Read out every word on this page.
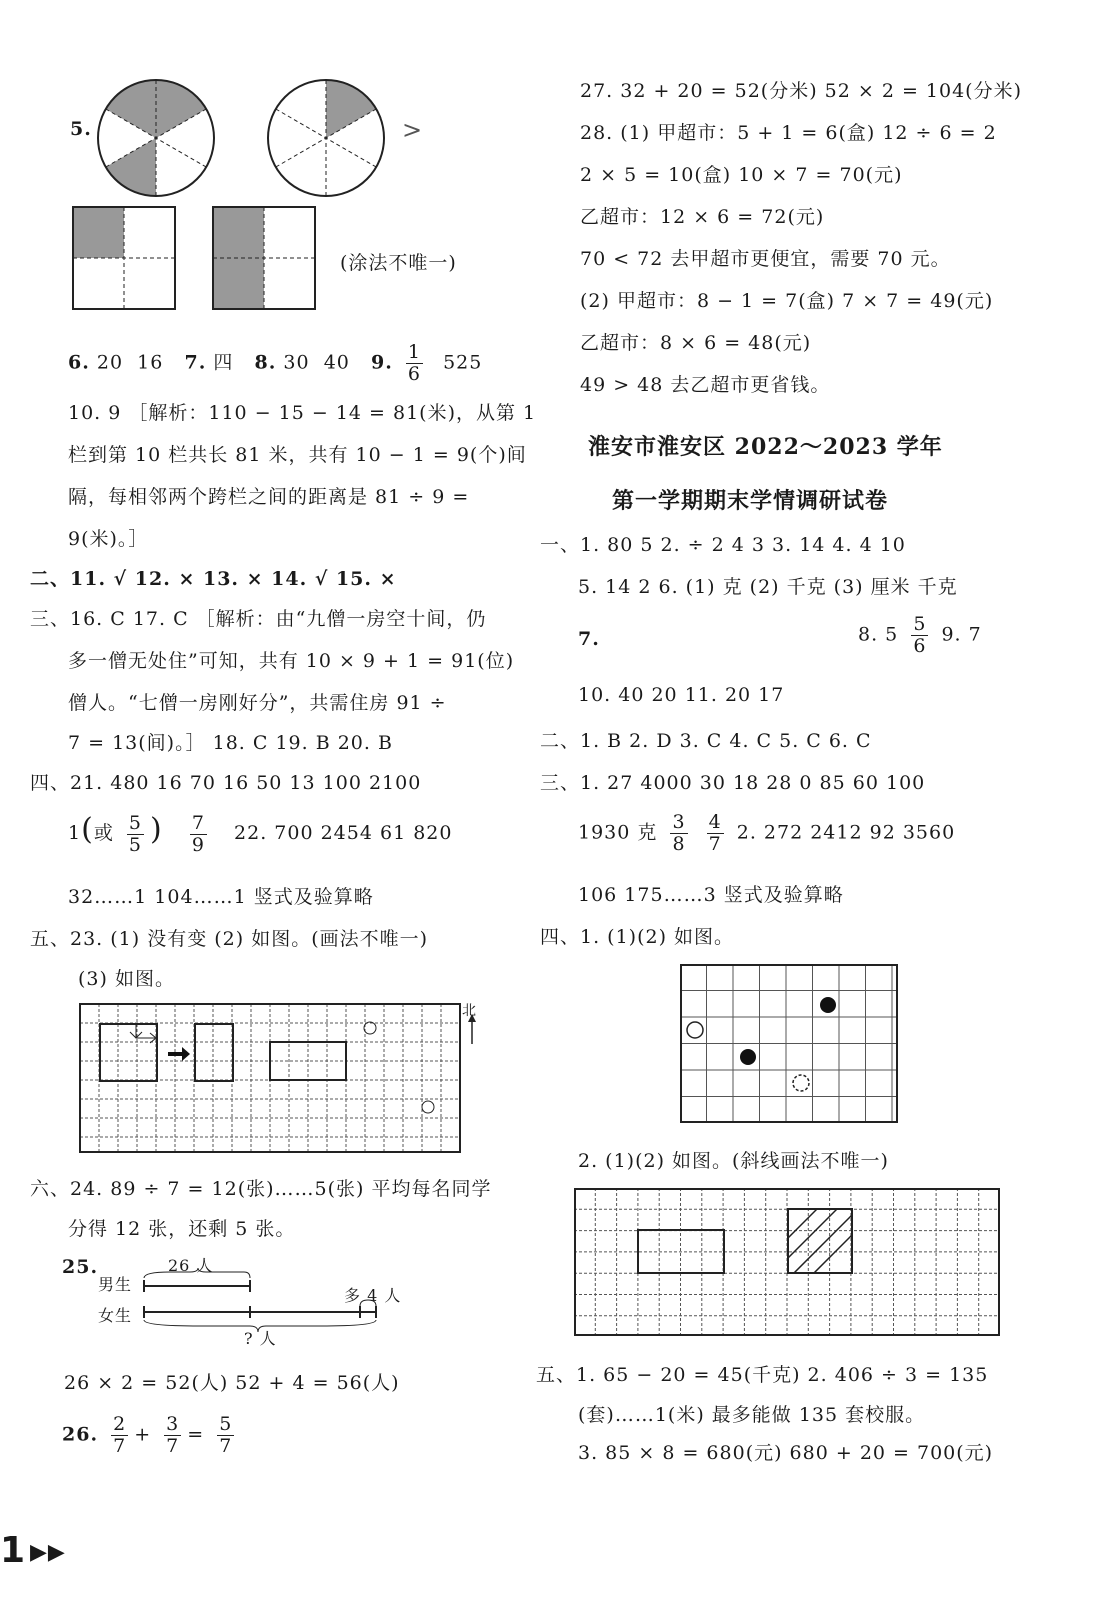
5.	>
(涂法不唯一)
6. 20 16 7. 四 8. 30 40 9. $\frac{1}{6} 525$
10. 9 ［解析：110 − 15 − 14 = 81(米)，从第 1
栏到第 10 栏共长 81 米，共有 10 − 1 = 9(个)间
隔，每相邻两个跨栏之间的距离是 81 ÷ 9 =
9(米)。］
二、11. √ 12. × 13. × 14. √ 15. ×
三、16. C 17. C ［解析：由“九僧一房空十间，仍
多一僧无处住”可知，共有 10 × 9 + 1 = 91(位)
僧人。“七僧一房刚好分”，共需住房 91 ÷
7 = 13(间)。］ 18. C 19. B 20. B
四、21. 480 16 70 16 50 13 100 2100
1(或 $\frac{5}{5}$ ) $\frac{7}{9} 22$. 700 2454 61 820
32……1 104……1 竖式及验算略
五、23. (1) 没有变 (2) 如图。(画法不唯一)
(3) 如图。
北
六、24. 89 ÷ 7 = 12(张)……5(张) 平均每名同学
分得 12 张，还剩 5 张。
25.	26 人
男生
多 4 人
女生
? 人
26 × 2 = 52(人) 52 + 4 = 56(人)
26. $\frac{2}{7} + \frac{3}{7} = \frac{5}{7}$
1 ▶▶
27. 32 + 20 = 52(分米) 52 × 2 = 104(分米)
28. (1) 甲超市：5 + 1 = 6(盒) 12 ÷ 6 = 2
2 × 5 = 10(盒) 10 × 7 = 70(元)
乙超市：12 × 6 = 72(元)
70 < 72 去甲超市更便宜，需要 70 元。
(2) 甲超市：8 − 1 = 7(盒) 7 × 7 = 49(元)
乙超市：8 × 6 = 48(元)
49 > 48 去乙超市更省钱。
淮安市淮安区 2022～2023 学年
第一学期期末学情调研试卷
一、1. 80 5 2. ÷ 2 4 3 3. 14 4. 4 10
5. 14 2 6. (1) 克 (2) 千克 (3) 厘米 千克
7.	8. $5 \frac{5}{6} 9$. 7
10. 40 20 11. 20 17
二、1. B 2. D 3. C 4. C 5. C 6. C
三、1. 27 4000 30 18 28 0 85 60 100
1930 克 $\frac{3}{8}$
$\frac{4}{7} 2$. 272 2412 92 3560
106 175……3 竖式及验算略
四、1. (1)(2) 如图。
2. (1)(2) 如图。(斜线画法不唯一)
五、1. 65 − 20 = 45(千克) 2. 406 ÷ 3 = 135
(套)……1(米) 最多能做 135 套校服。
3. 85 × 8 = 680(元) 680 + 20 = 700(元)
